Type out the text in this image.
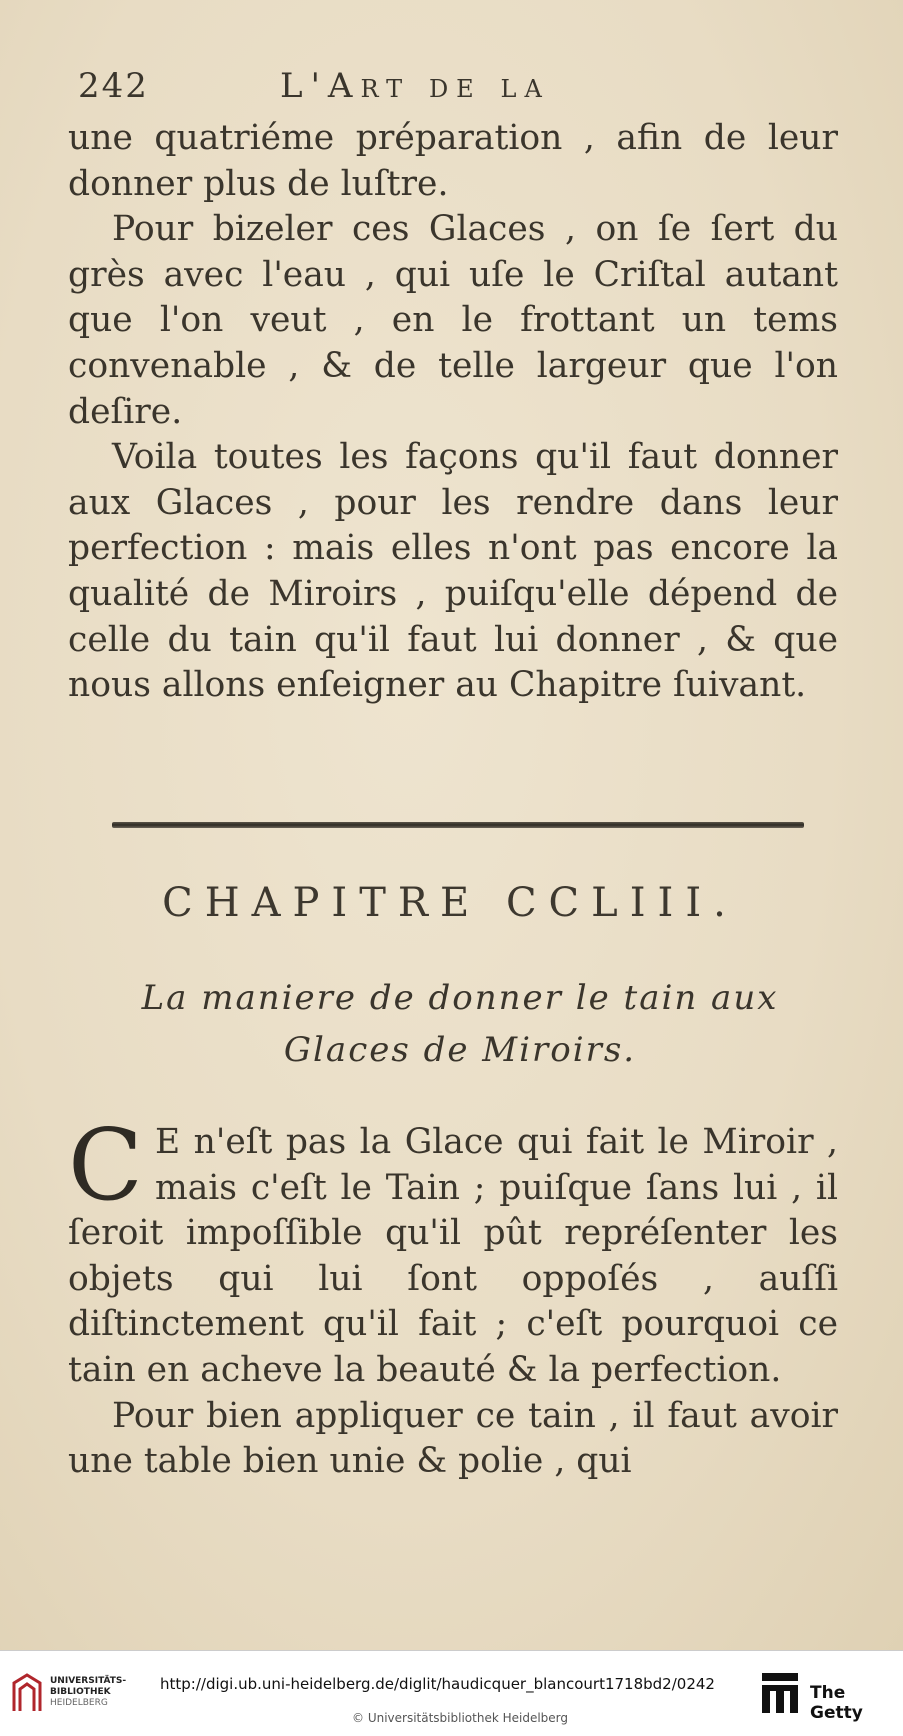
242	L'Art de la

une quatriéme préparation , afin de leur donner plus de luſtre.

Pour bizeler ces Glaces , on ſe ſert du grès avec l'eau , qui uſe le Criſtal autant que l'on veut , en le frottant un tems convenable , & de telle largeur que l'on deſire.

Voila toutes les façons qu'il faut donner aux Glaces , pour les rendre dans leur perfection : mais elles n'ont pas encore la qualité de Miroirs , puiſqu'elle dépend de celle du tain qu'il faut lui donner , & que nous allons enſeigner au Chapitre ſuivant.

CHAPITRE CCLIII.
La maniere de donner le tain aux Glaces de Miroirs.

C E n'eſt pas la Glace qui fait le Miroir , mais c'eſt le Tain ; puiſque ſans lui , il ſeroit impoſſible qu'il pût repréſenter les objets qui lui ſont oppoſés , auſſi diſtinctement qu'il fait ; c'eſt pourquoi ce tain en acheve la beauté & la perfection.

Pour bien appliquer ce tain , il faut avoir une table bien unie & polie , qui

UNIVERSITÄTS-
BIBLIOTHEK
HEIDELBERG
http://digi.ub.uni-heidelberg.de/diglit/haudicquer_blancourt1718bd2/0242
© Universitätsbibliothek Heidelberg
The Getty
